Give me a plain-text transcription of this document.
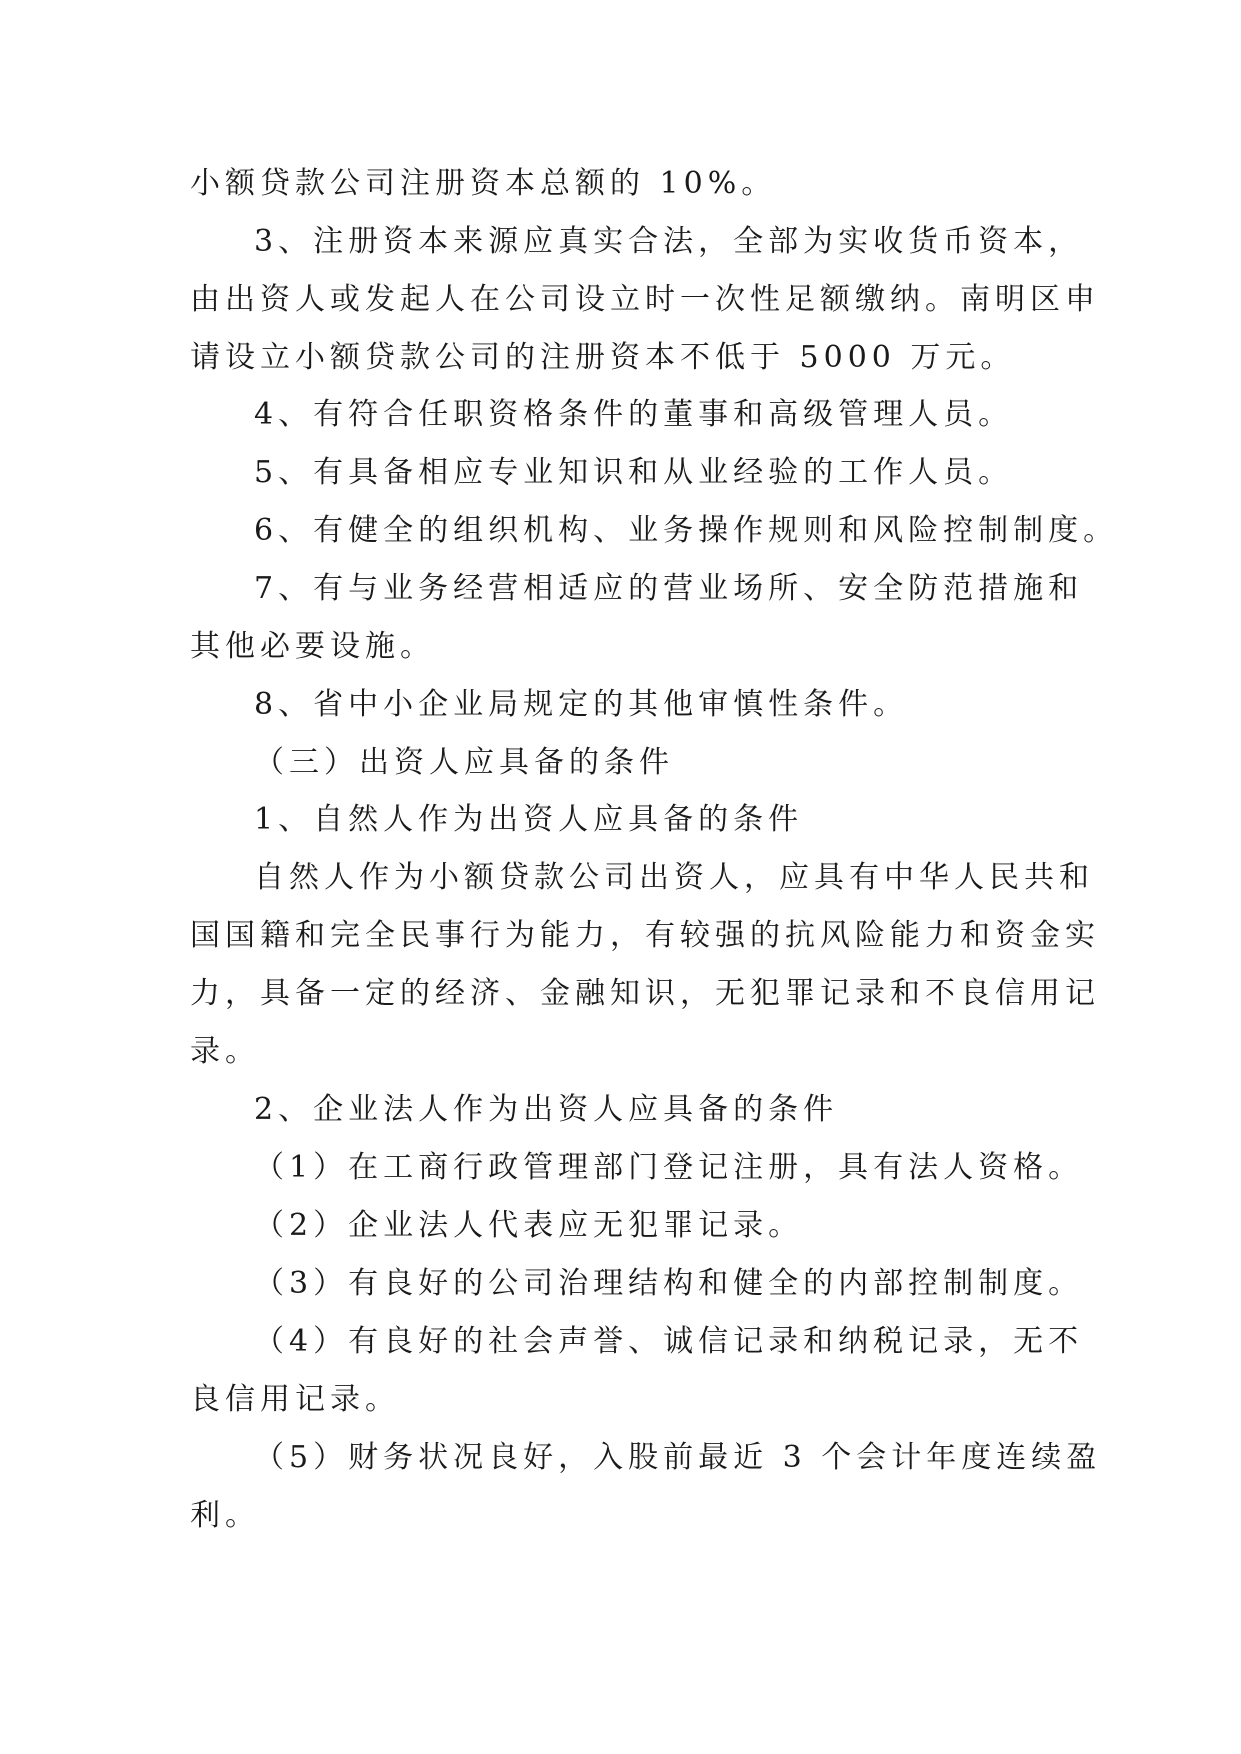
小额贷款公司注册资本总额的 10%。
3、注册资本来源应真实合法，全部为实收货币资本，
由出资人或发起人在公司设立时一次性足额缴纳。南明区申
请设立小额贷款公司的注册资本不低于 5000 万元。
4、有符合任职资格条件的董事和高级管理人员。
5、有具备相应专业知识和从业经验的工作人员。
6、有健全的组织机构、业务操作规则和风险控制制度。
7、有与业务经营相适应的营业场所、安全防范措施和
其他必要设施。
8、省中小企业局规定的其他审慎性条件。
（三）出资人应具备的条件
1、自然人作为出资人应具备的条件
自然人作为小额贷款公司出资人，应具有中华人民共和
国国籍和完全民事行为能力，有较强的抗风险能力和资金实
力，具备一定的经济、金融知识，无犯罪记录和不良信用记
录。
2、企业法人作为出资人应具备的条件
（1）在工商行政管理部门登记注册，具有法人资格。
（2）企业法人代表应无犯罪记录。
（3）有良好的公司治理结构和健全的内部控制制度。
（4）有良好的社会声誉、诚信记录和纳税记录，无不
良信用记录。
（5）财务状况良好，入股前最近 3 个会计年度连续盈
利。
